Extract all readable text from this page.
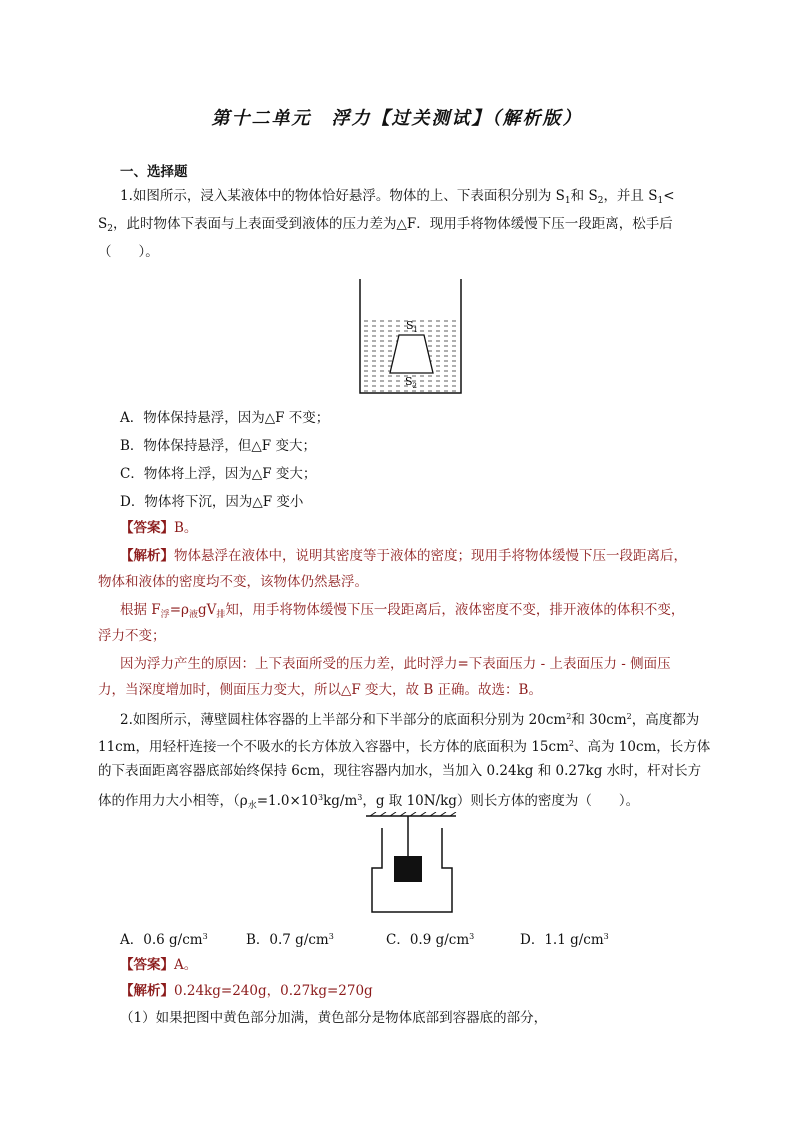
第十二单元　浮力【过关测试】（解析版）
一、选择题
1.如图所示，浸入某液体中的物体恰好悬浮。物体的上、下表面积分别为 $S_1$和 $S_2$，并且 $S_1<$
$S_2$，此时物体下表面与上表面受到液体的压力差为△F．现用手将物体缓慢下压一段距离，松手后
（　　）。
$S_1$
$S_2$
A．物体保持悬浮，因为△F 不变；
B．物体保持悬浮，但△F 变大；
C．物体将上浮，因为△F 变大；
D．物体将下沉，因为△F 变小
【答案】B。
【解析】物体悬浮在液体中，说明其密度等于液体的密度；现用手将物体缓慢下压一段距离后，
物体和液体的密度均不变，该物体仍然悬浮。
根据 $F_浮=\rho_液gV_排$知，用手将物体缓慢下压一段距离后，液体密度不变，排开液体的体积不变，
浮力不变；
因为浮力产生的原因：上下表面所受的压力差，此时浮力=下表面压力 - 上表面压力 - 侧面压
力，当深度增加时，侧面压力变大，所以△F 变大，故 B 正确。故选：B。
2.如图所示，薄壁圆柱体容器的上半部分和下半部分的底面积分别为 $20cm^2$和 $30cm^2$，高度都为
11cm，用轻杆连接一个不吸水的长方体放入容器中，长方体的底面积为 $15cm^2$、高为 10cm，长方体
的下表面距离容器底部始终保持 6cm，现往容器内加水，当加入 0.24kg 和 0.27kg 水时，杆对长方
体的作用力大小相等，（$\rho_水=1.0\times 10^3kg/m^3$，g 取 10N/kg）则长方体的密度为（　　）。
A．0.6 g/cm3	B．0.7 g/cm3	C．0.9 g/cm3	D．1.1 g/cm3
【答案】A。
【解析】0.24kg=240g，0.27kg=270g
（1）如果把图中黄色部分加满，黄色部分是物体底部到容器底的部分，
